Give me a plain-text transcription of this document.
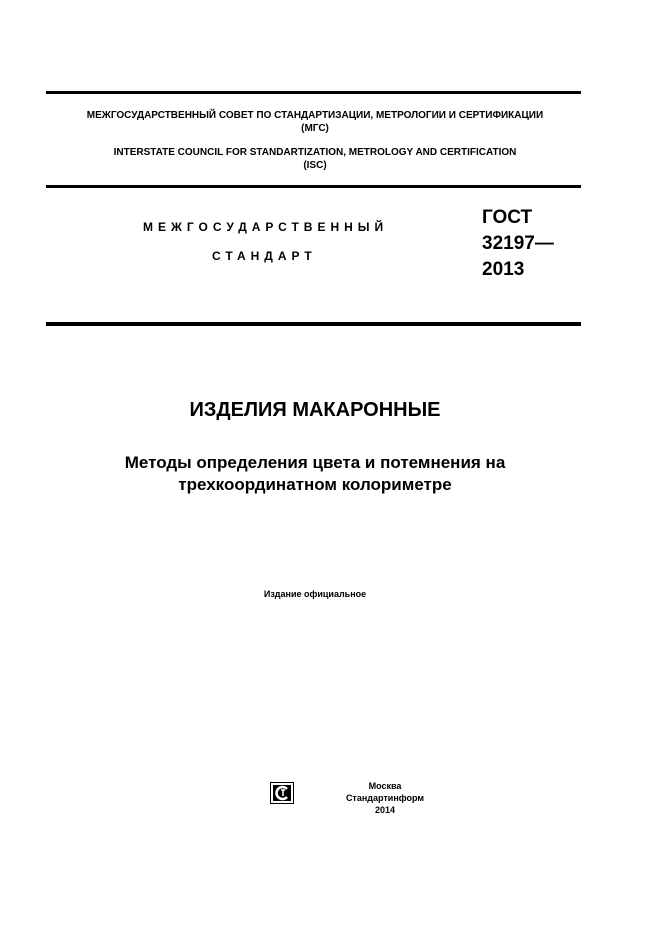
МЕЖГОСУДАРСТВЕННЫЙ СОВЕТ ПО СТАНДАРТИЗАЦИИ, МЕТРОЛОГИИ И СЕРТИФИКАЦИИ
(МГС)
INTERSTATE COUNCIL FOR STANDARTIZATION, METROLOGY AND CERTIFICATION
(ISC)
МЕЖГОСУДАРСТВЕННЫЙ
СТАНДАРТ
ГОСТ
32197—
2013
ИЗДЕЛИЯ МАКАРОННЫЕ
Методы определения цвета и потемнения на
трехкоординатном колориметре
Издание официальное
Москва
Стандартинформ
2014
